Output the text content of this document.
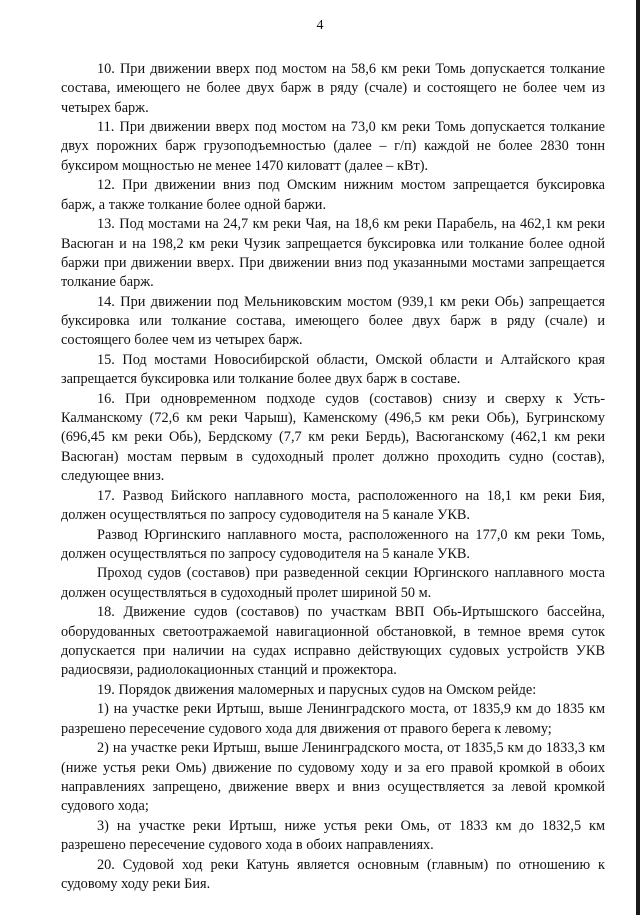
4

10. При движении вверх под мостом на 58,6 км реки Томь допускается толкание состава, имеющего не более двух барж в ряду (счале) и состоящего не более чем из четырех барж.

11. При движении вверх под мостом на 73,0 км реки Томь допускается толкание двух порожних барж грузоподъемностью (далее – г/п) каждой не более 2830 тонн буксиром мощностью не менее 1470 киловатт (далее – кВт).

12. При движении вниз под Омским нижним мостом запрещается буксировка барж, а также толкание более одной баржи.

13. Под мостами на 24,7 км реки Чая, на 18,6 км реки Парабель, на 462,1 км реки Васюган и на 198,2 км реки Чузик запрещается буксировка или толкание более одной баржи при движении вверх. При движении вниз под указанными мостами запрещается толкание барж.

14. При движении под Мельниковским мостом (939,1 км реки Обь) запрещается буксировка или толкание состава, имеющего более двух барж в ряду (счале) и состоящего более чем из четырех барж.

15. Под мостами Новосибирской области, Омской области и Алтайского края запрещается буксировка или толкание более двух барж в составе.

16. При одновременном подходе судов (составов) снизу и сверху к Усть-Калманскому (72,6 км реки Чарыш), Каменскому (496,5 км реки Обь), Бугринскому (696,45 км реки Обь), Бердскому (7,7 км реки Бердь), Васюганскому (462,1 км реки Васюган) мостам первым в судоходный пролет должно проходить судно (состав), следующее вниз.

17. Развод Бийского наплавного моста, расположенного на 18,1 км реки Бия, должен осуществляться по запросу судоводителя на 5 канале УКВ.

Развод Юргинскиго наплавного моста, расположенного на 177,0 км реки Томь, должен осуществляться по запросу судоводителя на 5 канале УКВ.

Проход судов (составов) при разведенной секции Юргинского наплавного моста должен осуществляться в судоходный пролет шириной 50 м.

18. Движение судов (составов) по участкам ВВП Обь-Иртышского бассейна, оборудованных светоотражаемой навигационной обстановкой, в темное время суток допускается при наличии на судах исправно действующих судовых устройств УКВ радиосвязи, радиолокационных станций и прожектора.

19. Порядок движения маломерных и парусных судов на Омском рейде:

1) на участке реки Иртыш, выше Ленинградского моста, от 1835,9 км до 1835 км разрешено пересечение судового хода для движения от правого берега к левому;

2) на участке реки Иртыш, выше Ленинградского моста, от 1835,5 км до 1833,3 км (ниже устья реки Омь) движение по судовому ходу и за его правой кромкой в обоих направлениях запрещено, движение вверх и вниз осуществляется за левой кромкой судового хода;

3) на участке реки Иртыш, ниже устья реки Омь, от 1833 км до 1832,5 км разрешено пересечение судового хода в обоих направлениях.

20. Судовой ход реки Катунь является основным (главным) по отношению к судовому ходу реки Бия.
